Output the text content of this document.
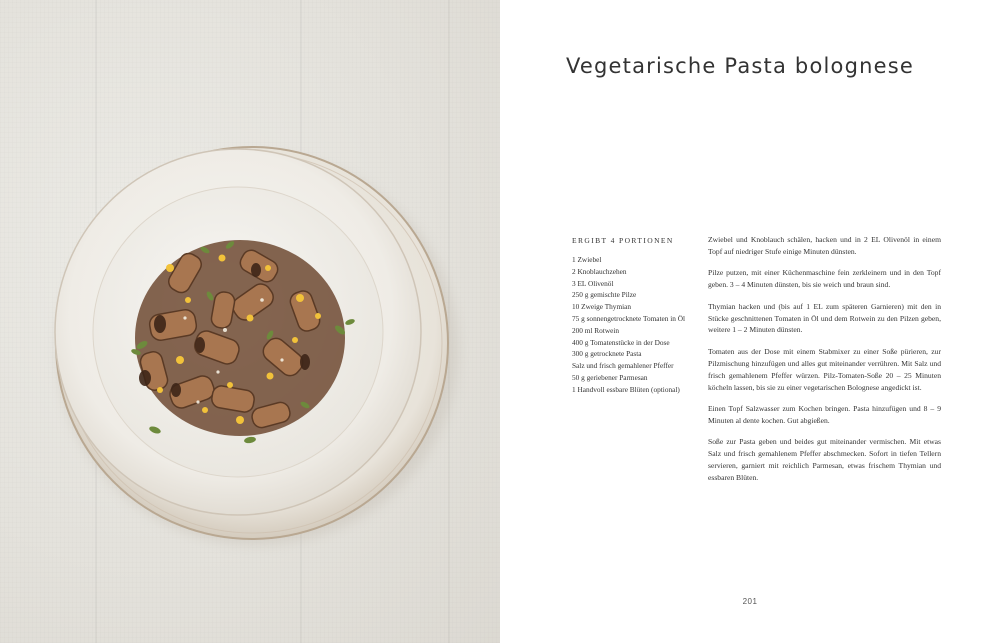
Vegetarische Pasta bolognese
ERGIBT 4 PORTIONEN
1 Zwiebel
2 Knoblauchzehen
3 EL Olivenöl
250 g gemischte Pilze
10 Zweige Thymian
75 g sonnengetrocknete Tomaten in Öl
200 ml Rotwein
400 g Tomatenstücke in der Dose
300 g getrocknete Pasta
Salz und frisch gemahlener Pfeffer
50 g geriebener Parmesan
1 Handvoll essbare Blüten (optional)

Zwiebel und Knoblauch schälen, hacken und in 2 EL Olivenöl in einem Topf auf niedriger Stufe einige Minuten dünsten.

Pilze putzen, mit einer Küchenmaschine fein zerkleinern und in den Topf geben. 3 – 4 Minuten dünsten, bis sie weich und braun sind.

Thymian hacken und (bis auf 1 EL zum späteren Garnieren) mit den in Stücke geschnittenen Tomaten in Öl und dem Rotwein zu den Pilzen geben, weitere 1 – 2 Minuten dünsten.

Tomaten aus der Dose mit einem Stabmixer zu einer Soße pürieren, zur Pilzmischung hinzufügen und alles gut miteinander verrühren. Mit Salz und frisch gemahlenem Pfeffer würzen. Pilz-Tomaten-Soße 20 – 25 Minuten köcheln lassen, bis sie zu einer vegetarischen Bolognese angedickt ist.

Einen Topf Salzwasser zum Kochen bringen. Pasta hinzufügen und 8 – 9 Minuten al dente kochen. Gut abgießen.

Soße zur Pasta geben und beides gut miteinander vermischen. Mit etwas Salz und frisch gemahlenem Pfeffer abschmecken. Sofort in tiefen Tellern servieren, garniert mit reichlich Parmesan, etwas frischem Thymian und essbaren Blüten.

201
